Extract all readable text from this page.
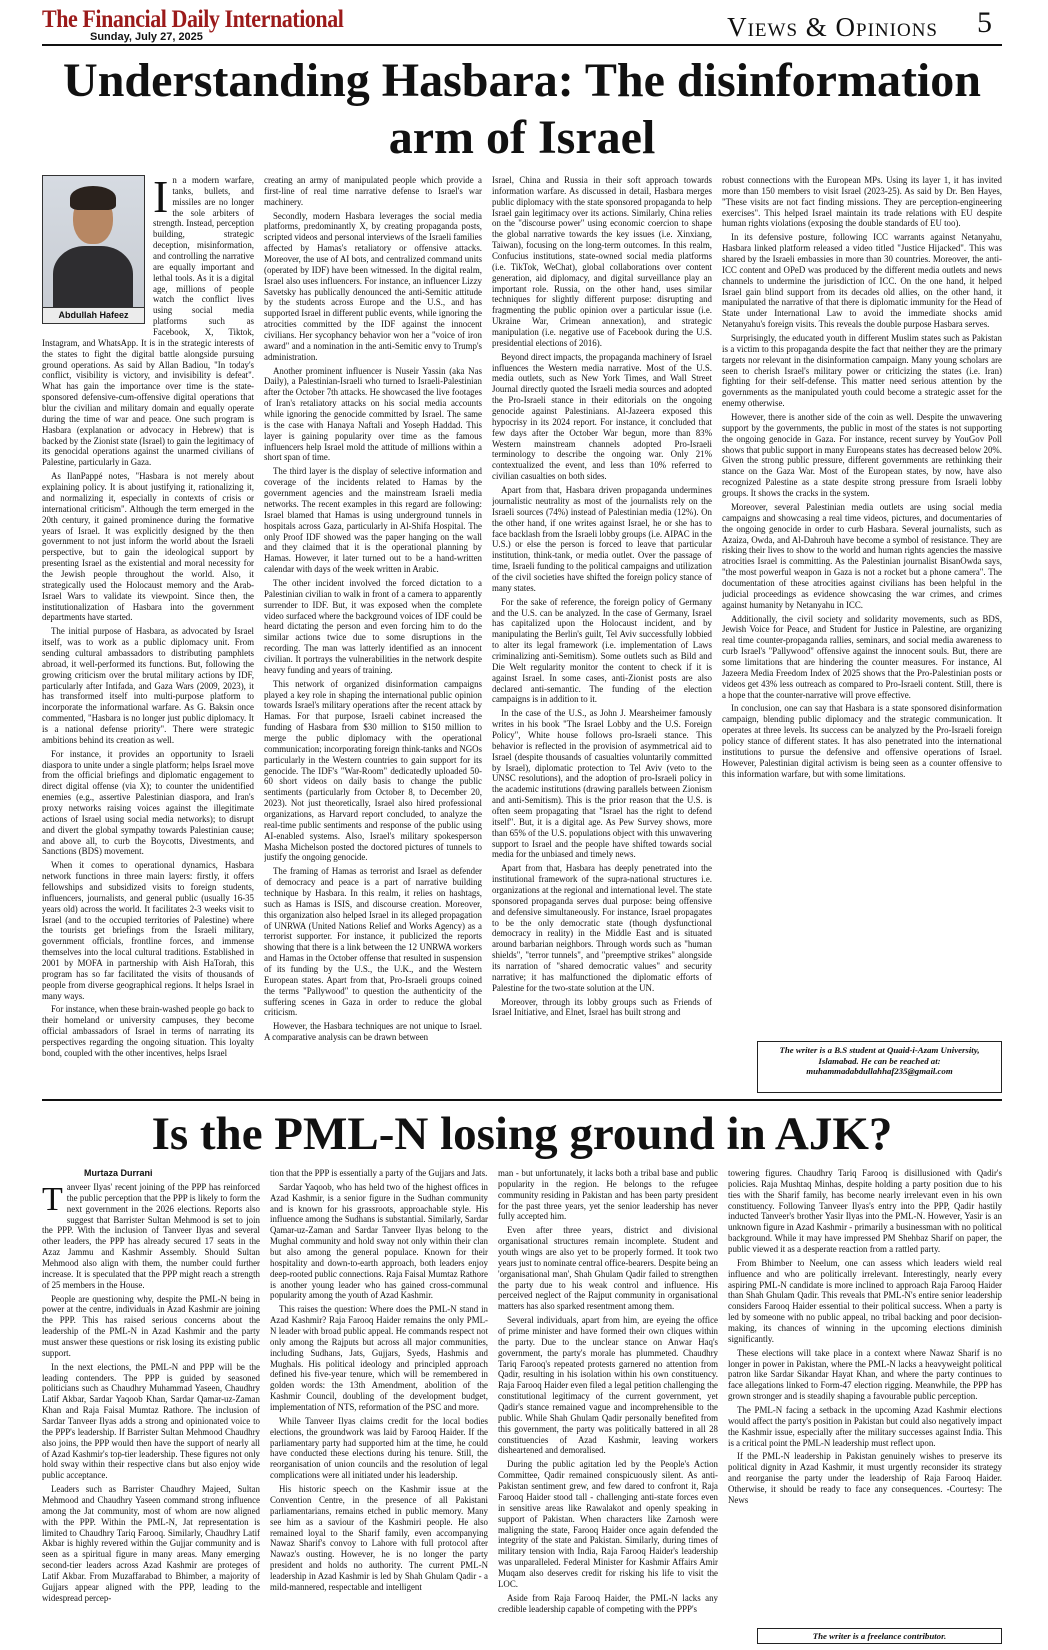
The Financial Daily International
Sunday, July 27, 2025	Views & Opinions 5
Understanding Hasbara: The disinformation arm of Israel
Abdullah Hafeez
I n a modern warfare, tanks, bullets, and missiles are no longer the sole arbiters of strength. Instead, perception building, strategic deception, misinformation, and controlling the narrative are equally important and lethal tools. As it is a digital age, millions of people watch the conflict lives using social media platforms such as Facebook, X, Tiktok, Instagram, and WhatsApp. It is in the strategic interests of the states to fight the digital battle alongside pursuing ground operations. As said by Allan Badiou, "In today's conflict, visibility is victory, and invisibility is defeat". What has gain the importance over time is the state-sponsored defensive-cum-offensive digital operations that blur the civilian and military domain and equally operate during the time of war and peace. One such program is Hasbara (explanation or advocacy in Hebrew) that is backed by the Zionist state (Israel) to gain the legitimacy of its genocidal operations against the unarmed civilians of Palestine, particularly in Gaza.

As IlanPappé notes, "Hasbara is not merely about explaining policy. It is about justifying it, rationalizing it, and normalizing it, especially in contexts of crisis or international criticism". Although the term emerged in the 20th century, it gained prominence during the formative years of Israel. It was explicitly designed by the then government to not just inform the world about the Israeli perspective, but to gain the ideological support by presenting Israel as the existential and moral necessity for the Jewish people throughout the world. Also, it strategically used the Holocaust memory and the Arab-Israel Wars to validate its viewpoint. Since then, the institutionalization of Hasbara into the government departments have started.

The initial purpose of Hasbara, as advocated by Israel itself, was to work as a public diplomacy unit. From sending cultural ambassadors to distributing pamphlets abroad, it well-performed its functions. But, following the growing criticism over the brutal military actions by IDF, particularly after Intifada, and Gaza Wars (2009, 2023), it has transformed itself into multi-purpose platform to incorporate the informational warfare. As G. Baksin once commented, "Hasbara is no longer just public diplomacy. It is a national defense priority". There were strategic ambitions behind its creation as well.

For instance, it provides an opportunity to Israeli diaspora to unite under a single platform; helps Israel move from the official briefings and diplomatic engagement to direct digital offense (via X); to counter the unidentified enemies (e.g., assertive Palestinian diaspora, and Iran's proxy networks raising voices against the illegitimate actions of Israel using social media networks); to disrupt and divert the global sympathy towards Palestinian cause; and above all, to curb the Boycotts, Divestments, and Sanctions (BDS) movement.

When it comes to operational dynamics, Hasbara network functions in three main layers: firstly, it offers fellowships and subsidized visits to foreign students, influencers, journalists, and general public (usually 16-35 years old) across the world. It facilitates 2-3 weeks visit to Israel (and to the occupied territories of Palestine) where the tourists get briefings from the Israeli military, government officials, frontline forces, and immense themselves into the local cultural traditions. Established in 2001 by MOFA in partnership with Aish HaTorah, this program has so far facilitated the visits of thousands of people from diverse geographical regions. It helps Israel in many ways.

For instance, when these brain-washed people go back to their homeland or university campuses, they become official ambassadors of Israel in terms of narrating its perspectives regarding the ongoing situation. This loyalty bond, coupled with the other incentives, helps Israel

creating an army of manipulated people which provide a first-line of real time narrative defense to Israel's war machinery.

Secondly, modern Hasbara leverages the social media platforms, predominantly X, by creating propaganda posts, scripted videos and personal interviews of the Israeli families affected by Hamas's retaliatory or offensive attacks. Moreover, the use of AI bots, and centralized command units (operated by IDF) have been witnessed. In the digital realm, Israel also uses influencers. For instance, an influencer Lizzy Savetsky has publically denounced the anti-Semitic attitude by the students across Europe and the U.S., and has supported Israel in different public events, while ignoring the atrocities committed by the IDF against the innocent civilians. Her sycophancy behavior won her a "voice of iron award" and a nomination in the anti-Semitic envy to Trump's administration.

Another prominent influencer is Nuseir Yassin (aka Nas Daily), a Palestinian-Israeli who turned to Israeli-Palestinian after the October 7th attacks. He showcased the live footages of Iran's retaliatory attacks on his social media accounts while ignoring the genocide committed by Israel. The same is the case with Hanaya Naftali and Yoseph Haddad. This layer is gaining popularity over time as the famous influencers help Israel mold the attitude of millions within a short span of time.

The third layer is the display of selective information and coverage of the incidents related to Hamas by the government agencies and the mainstream Israeli media networks. The recent examples in this regard are following: Israel blamed that Hamas is using underground tunnels in hospitals across Gaza, particularly in Al-Shifa Hospital. The only Proof IDF showed was the paper hanging on the wall and they claimed that it is the operational planning by Hamas. However, it later turned out to be a hand-written calendar with days of the week written in Arabic.

The other incident involved the forced dictation to a Palestinian civilian to walk in front of a camera to apparently surrender to IDF. But, it was exposed when the complete video surfaced where the background voices of IDF could be heard dictating the person and even forcing him to do the similar actions twice due to some disruptions in the recording. The man was latterly identified as an innocent civilian. It portrays the vulnerabilities in the network despite heavy funding and years of training.

This network of organized disinformation campaigns played a key role in shaping the international public opinion towards Israel's military operations after the recent attack by Hamas. For that purpose, Israeli cabinet increased the funding of Hasbara from $30 million to $150 million to merge the public diplomacy with the operational communication; incorporating foreign think-tanks and NGOs particularly in the Western countries to gain support for its genocide. The IDF's "War-Room" dedicatedly uploaded 50-60 short videos on daily basis to change the public sentiments (particularly from October 8, to December 20, 2023). Not just theoretically, Israel also hired professional organizations, as Harvard report concluded, to analyze the real-time public sentiments and response of the public using AI-enabled systems. Also, Israel's military spokesperson Masha Michelson posted the doctored pictures of tunnels to justify the ongoing genocide.

The framing of Hamas as terrorist and Israel as defender of democracy and peace is a part of narrative building technique by Hasbara. In this realm, it relies on hashtags, such as Hamas is ISIS, and discourse creation. Moreover, this organization also helped Israel in its alleged propagation of UNRWA (United Nations Relief and Works Agency) as a terrorist supporter. For instance, it publicized the reports showing that there is a link between the 12 UNRWA workers and Hamas in the October offense that resulted in suspension of its funding by the U.S., the U.K., and the Western European states. Apart from that, Pro-Israeli groups coined the terms "Pallywood" to question the authenticity of the suffering scenes in Gaza in order to reduce the global criticism.

However, the Hasbara techniques are not unique to Israel. A comparative analysis can be drawn between

Israel, China and Russia in their soft approach towards information warfare. As discussed in detail, Hasbara merges public diplomacy with the state sponsored propaganda to help Israel gain legitimacy over its actions. Similarly, China relies on the "discourse power" using economic coercion to shape the global narrative towards the key issues (i.e. Xinxiang, Taiwan), focusing on the long-term outcomes. In this realm, Confucius institutions, state-owned social media platforms (i.e. TikTok, WeChat), global collaborations over content generation, aid diplomacy, and digital surveillance play an important role. Russia, on the other hand, uses similar techniques for slightly different purpose: disrupting and fragmenting the public opinion over a particular issue (i.e. Ukraine War, Crimean annexation), and strategic manipulation (i.e. negative use of Facebook during the U.S. presidential elections of 2016).

Beyond direct impacts, the propaganda machinery of Israel influences the Western media narrative. Most of the U.S. media outlets, such as New York Times, and Wall Street Journal directly quoted the Israeli media sources and adopted the Pro-Israeli stance in their editorials on the ongoing genocide against Palestinians. Al-Jazeera exposed this hypocrisy in its 2024 report. For instance, it concluded that few days after the October War begun, more than 83% Western mainstream channels adopted Pro-Israeli terminology to describe the ongoing war. Only 21% contextualized the event, and less than 10% referred to civilian casualties on both sides.

Apart from that, Hasbara driven propaganda undermines journalistic neutrality as most of the journalists rely on the Israeli sources (74%) instead of Palestinian media (12%). On the other hand, if one writes against Israel, he or she has to face backlash from the Israeli lobby groups (i.e. AIPAC in the U.S.) or else the person is forced to leave that particular institution, think-tank, or media outlet. Over the passage of time, Israeli funding to the political campaigns and utilization of the civil societies have shifted the foreign policy stance of many states.

For the sake of reference, the foreign policy of Germany and the U.S. can be analyzed. In the case of Germany, Israel has capitalized upon the Holocaust incident, and by manipulating the Berlin's guilt, Tel Aviv successfully lobbied to alter its legal framework (i.e. implementation of Laws criminalizing anti-Semitism). Some outlets such as Bild and Die Welt regularity monitor the content to check if it is against Israel. In some cases, anti-Zionist posts are also declared anti-semantic. The funding of the election campaigns is in addition to it.

In the case of the U.S., as John J. Mearsheimer famously writes in his book "The Israel Lobby and the U.S. Foreign Policy", White house follows pro-Israeli stance. This behavior is reflected in the provision of asymmetrical aid to Israel (despite thousands of casualties voluntarily committed by Israel), diplomatic protection to Tel Aviv (veto to the UNSC resolutions), and the adoption of pro-Israeli policy in the academic institutions (drawing parallels between Zionism and anti-Semitism). This is the prior reason that the U.S. is often seem propagating that "Israel has the right to defend itself". But, it is a digital age. As Pew Survey shows, more than 65% of the U.S. populations object with this unwavering support to Israel and the people have shifted towards social media for the unbiased and timely news.

Apart from that, Hasbara has deeply penetrated into the institutional framework of the supra-national structures i.e. organizations at the regional and international level. The state sponsored propaganda serves dual purpose: being offensive and defensive simultaneously. For instance, Israel propagates to be the only democratic state (though dysfunctional democracy in reality) in the Middle East and is situated around barbarian neighbors. Through words such as "human shields", "terror tunnels", and "preemptive strikes" alongside its narration of "shared democratic values" and security narrative; it has malfunctioned the diplomatic efforts of Palestine for the two-state solution at the UN.

Moreover, through its lobby groups such as Friends of Israel Initiative, and Elnet, Israel has built strong and

robust connections with the European MPs. Using its layer 1, it has invited more than 150 members to visit Israel (2023-25). As said by Dr. Ben Hayes, "These visits are not fact finding missions. They are perception-engineering exercises". This helped Israel maintain its trade relations with EU despite human rights violations (exposing the double standards of EU too).

In its defensive posture, following ICC warrants against Netanyahu, Hasbara linked platform released a video titled "Justice Hijacked". This was shared by the Israeli embassies in more than 30 countries. Moreover, the anti-ICC content and OPeD was produced by the different media outlets and news channels to undermine the jurisdiction of ICC. On the one hand, it helped Israel gain blind support from its decades old allies, on the other hand, it manipulated the narrative of that there is diplomatic immunity for the Head of State under International Law to avoid the immediate shocks amid Netanyahu's foreign visits. This reveals the double purpose Hasbara serves.

Surprisingly, the educated youth in different Muslim states such as Pakistan is a victim to this propaganda despite the fact that neither they are the primary targets nor relevant in the disinformation campaign. Many young scholars are seen to cherish Israel's military power or criticizing the states (i.e. Iran) fighting for their self-defense. This matter need serious attention by the governments as the manipulated youth could become a strategic asset for the enemy otherwise.

However, there is another side of the coin as well. Despite the unwavering support by the governments, the public in most of the states is not supporting the ongoing genocide in Gaza. For instance, recent survey by YouGov Poll shows that public support in many Europeans states has decreased below 20%. Given the strong public pressure, different governments are rethinking their stance on the Gaza War. Most of the European states, by now, have also recognized Palestine as a state despite strong pressure from Israeli lobby groups. It shows the cracks in the system.

Moreover, several Palestinian media outlets are using social media campaigns and showcasing a real time videos, pictures, and documentaries of the ongoing genocide in order to curb Hasbara. Several journalists, such as Azaiza, Owda, and Al-Dahrouh have become a symbol of resistance. They are risking their lives to show to the world and human rights agencies the massive atrocities Israel is committing. As the Palestinian journalist BisanOwda says, "the most powerful weapon in Gaza is not a rocket but a phone camera". The documentation of these atrocities against civilians has been helpful in the judicial proceedings as evidence showcasing the war crimes, and crimes against humanity by Netanyahu in ICC.

Additionally, the civil society and solidarity movements, such as BDS, Jewish Voice for Peace, and Student for Justice in Palestine, are organizing real time counter-propaganda rallies, seminars, and social media awareness to curb Israel's "Pallywood" offensive against the innocent souls. But, there are some limitations that are hindering the counter measures. For instance, Al Jazeera Media Freedom Index of 2025 shows that the Pro-Palestinian posts or videos get 43% less outreach as compared to Pro-Israeli content. Still, there is a hope that the counter-narrative will prove effective.

In conclusion, one can say that Hasbara is a state sponsored disinformation campaign, blending public diplomacy and the strategic communication. It operates at three levels. Its success can be analyzed by the Pro-Israeli foreign policy stance of different states. It has also penetrated into the international institutions to pursue the defensive and offensive operations of Israel. However, Palestinian digital activism is being seen as a counter offensive to this information warfare, but with some limitations.

The writer is a B.S student at Quaid-i-Azam University, Islamabad. He can be reached at: muhammadabdullahhaf235@gmail.com
Is the PML-N losing ground in AJK?

Murtaza Durrani

T anveer Ilyas' recent joining of the PPP has reinforced the public perception that the PPP is likely to form the next government in the 2026 elections. Reports also suggest that Barrister Sultan Mehmood is set to join the PPP. With the inclusion of Tanveer Ilyas and several other leaders, the PPP has already secured 17 seats in the Azaz Jammu and Kashmir Assembly. Should Sultan Mehmood also align with them, the number could further increase. It is speculated that the PPP might reach a strength of 25 members in the House.

People are questioning why, despite the PML-N being in power at the centre, individuals in Azad Kashmir are joining the PPP. This has raised serious concerns about the leadership of the PML-N in Azad Kashmir and the party must answer these questions or risk losing its existing public support.

In the next elections, the PML-N and PPP will be the leading contenders. The PPP is guided by seasoned politicians such as Chaudhry Muhammad Yaseen, Chaudhry Latif Akbar, Sardar Yaqoob Khan, Sardar Qamar-uz-Zaman Khan and Raja Faisal Mumtaz Rathore. The inclusion of Sardar Tanveer Ilyas adds a strong and opinionated voice to the PPP's leadership. If Barrister Sultan Mehmood Chaudhry also joins, the PPP would then have the support of nearly all of Azad Kashmir's top-tier leadership. These figures not only hold sway within their respective clans but also enjoy wide public acceptance.

Leaders such as Barrister Chaudhry Majeed, Sultan Mehmood and Chaudhry Yaseen command strong influence among the Jat community, most of whom are now aligned with the PPP. Within the PML-N, Jat representation is limited to Chaudhry Tariq Farooq. Similarly, Chaudhry Latif Akbar is highly revered within the Gujjar community and is seen as a spiritual figure in many areas. Many emerging second-tier leaders across Azad Kashmir are proteges of Latif Akbar. From Muzaffarabad to Bhimber, a majority of Gujjars appear aligned with the PPP, leading to the widespread percep-

tion that the PPP is essentially a party of the Gujjars and Jats.

Sardar Yaqoob, who has held two of the highest offices in Azad Kashmir, is a senior figure in the Sudhan community and is known for his grassroots, approachable style. His influence among the Sudhans is substantial. Similarly, Sardar Qamar-uz-Zaman and Sardar Tanveer Ilyas belong to the Mughal community and hold sway not only within their clan but also among the general populace. Known for their hospitality and down-to-earth approach, both leaders enjoy deep-rooted public connections. Raja Faisal Mumtaz Rathore is another young leader who has gained cross-communal popularity among the youth of Azad Kashmir.

This raises the question: Where does the PML-N stand in Azad Kashmir? Raja Farooq Haider remains the only PML-N leader with broad public appeal. He commands respect not only among the Rajputs but across all major communities, including Sudhans, Jats, Gujjars, Syeds, Hashmis and Mughals. His political ideology and principled approach defined his five-year tenure, which will be remembered in golden words: the 13th Amendment, abolition of the Kashmir Council, doubling of the development budget, implementation of NTS, reformation of the PSC and more.

While Tanveer Ilyas claims credit for the local bodies elections, the groundwork was laid by Farooq Haider. If the parliamentary party had supported him at the time, he could have conducted these elections during his tenure. Still, the reorganisation of union councils and the resolution of legal complications were all initiated under his leadership.

His historic speech on the Kashmir issue at the Convention Centre, in the presence of all Pakistani parliamentarians, remains etched in public memory. Many see him as a saviour of the Kashmiri people. He also remained loyal to the Sharif family, even accompanying Nawaz Sharif's convoy to Lahore with full protocol after Nawaz's ousting. However, he is no longer the party president and holds no authority. The current PML-N leadership in Azad Kashmir is led by Shah Ghulam Qadir - a mild-mannered, respectable and intelligent

man - but unfortunately, it lacks both a tribal base and public popularity in the region. He belongs to the refugee community residing in Pakistan and has been party president for the past three years, yet the senior leadership has never fully accepted him.

Even after three years, district and divisional organisational structures remain incomplete. Student and youth wings are also yet to be properly formed. It took two years just to nominate central office-bearers. Despite being an 'organisational man', Shah Ghulam Qadir failed to strengthen the party due to his weak control and influence. His perceived neglect of the Rajput community in organisational matters has also sparked resentment among them.

Several individuals, apart from him, are eyeing the office of prime minister and have formed their own cliques within the party. Due to the unclear stance on Anwar Haq's government, the party's morale has plummeted. Chaudhry Tariq Farooq's repeated protests garnered no attention from Qadir, resulting in his isolation within his own constituency. Raja Farooq Haider even filed a legal petition challenging the constitutional legitimacy of the current government, yet Qadir's stance remained vague and incomprehensible to the public. While Shah Ghulam Qadir personally benefited from this government, the party was politically battered in all 28 constituencies of Azad Kashmir, leaving workers disheartened and demoralised.

During the public agitation led by the People's Action Committee, Qadir remained conspicuously silent. As anti-Pakistan sentiment grew, and few dared to confront it, Raja Farooq Haider stood tall - challenging anti-state forces even in sensitive areas like Rawalakot and openly speaking in support of Pakistan. When characters like Zarnosh were maligning the state, Farooq Haider once again defended the integrity of the state and Pakistan. Similarly, during times of military tension with India, Raja Farooq Haider's leadership was unparalleled. Federal Minister for Kashmir Affairs Amir Muqam also deserves credit for risking his life to visit the LOC.

Aside from Raja Farooq Haider, the PML-N lacks any credible leadership capable of competing with the PPP's

towering figures. Chaudhry Tariq Farooq is disillusioned with Qadir's policies. Raja Mushtaq Minhas, despite holding a party position due to his ties with the Sharif family, has become nearly irrelevant even in his own constituency. Following Tanveer Ilyas's entry into the PPP, Qadir hastily inducted Tanveer's brother Yasir Ilyas into the PML-N. However, Yasir is an unknown figure in Azad Kashmir - primarily a businessman with no political background. While it may have impressed PM Shehbaz Sharif on paper, the public viewed it as a desperate reaction from a rattled party.

From Bhimber to Neelum, one can assess which leaders wield real influence and who are politically irrelevant. Interestingly, nearly every aspiring PML-N candidate is more inclined to approach Raja Farooq Haider than Shah Ghulam Qadir. This reveals that PML-N's entire senior leadership considers Farooq Haider essential to their political success. When a party is led by someone with no public appeal, no tribal backing and poor decision-making, its chances of winning in the upcoming elections diminish significantly.

These elections will take place in a context where Nawaz Sharif is no longer in power in Pakistan, where the PML-N lacks a heavyweight political patron like Sardar Sikandar Hayat Khan, and where the party continues to face allegations linked to Form-47 election rigging. Meanwhile, the PPP has grown stronger and is steadily shaping a favourable public perception.

The PML-N facing a setback in the upcoming Azad Kashmir elections would affect the party's position in Pakistan but could also negatively impact the Kashmir issue, especially after the military successes against India. This is a critical point the PML-N leadership must reflect upon.

If the PML-N leadership in Pakistan genuinely wishes to preserve its political dignity in Azad Kashmir, it must urgently reconsider its strategy and reorganise the party under the leadership of Raja Farooq Haider. Otherwise, it should be ready to face any consequences. -Courtesy: The News

The writer is a freelance contributor.
